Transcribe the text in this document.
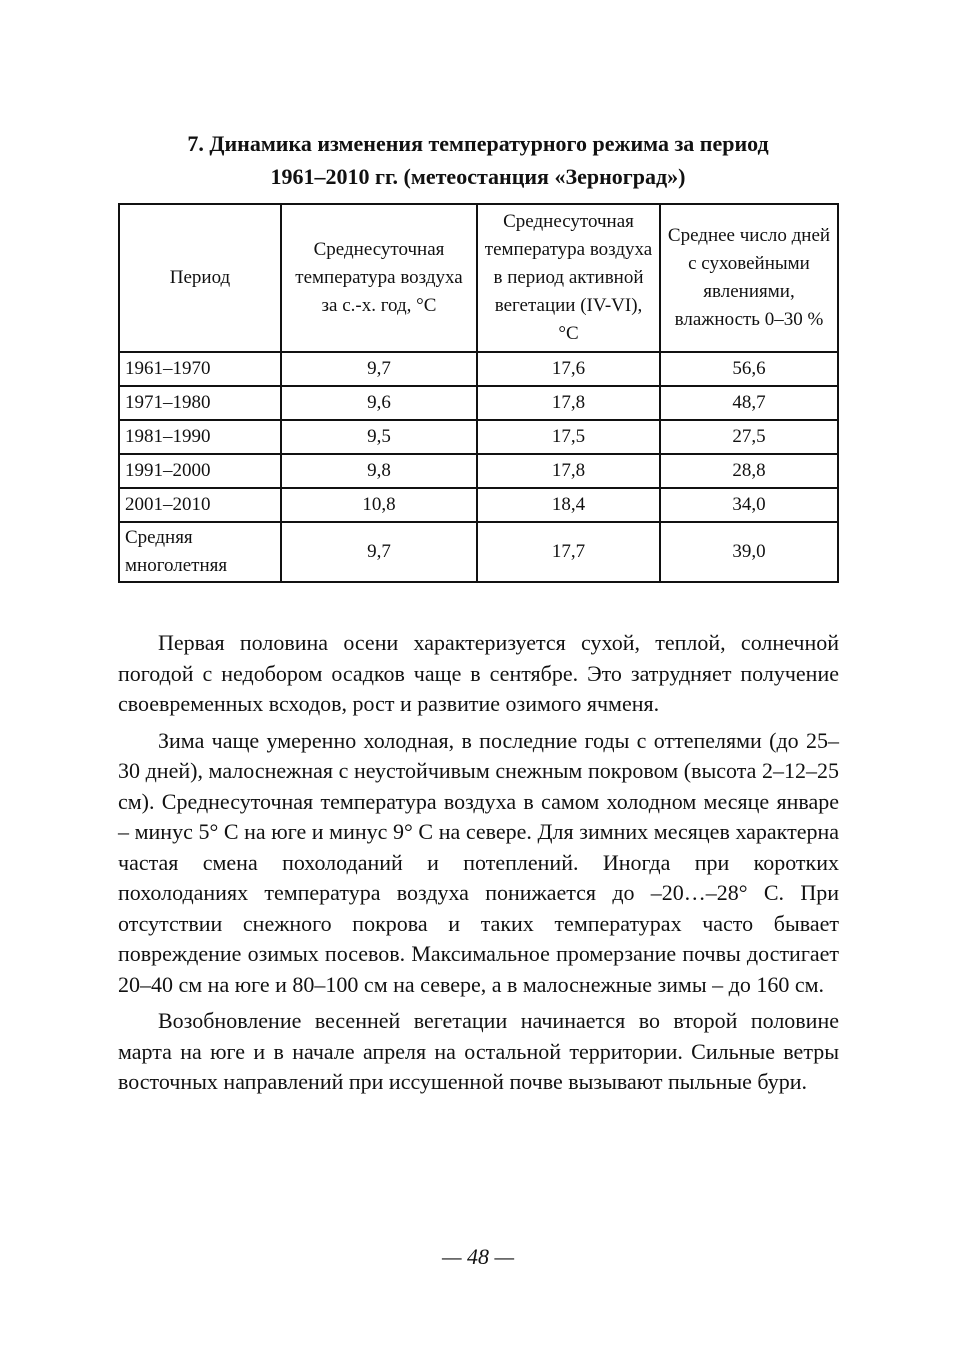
7. Динамика изменения температурного режима за период
1961–2010 гг. (метеостанция «Зерноград»)
Период	Среднесуточная температура воздуха за с.-х. год, °С	Среднесуточная температура воздуха в период активной вегетации (IV-VI), °С	Среднее число дней с суховейными явлениями, влажность 0–30 %
1961–1970	9,7	17,6	56,6
1971–1980	9,6	17,8	48,7
1981–1990	9,5	17,5	27,5
1991–2000	9,8	17,8	28,8
2001–2010	10,8	18,4	34,0
Средняя многолетняя	9,7	17,7	39,0

Первая половина осени характеризуется сухой, теплой, солнечной погодой с недобором осадков чаще в сентябре. Это затрудняет получение своевременных всходов, рост и развитие озимого ячменя.

Зима чаще умеренно холодная, в последние годы с оттепелями (до 25–30 дней), малоснежная с неустойчивым снежным покровом (высота 2–12–25 см). Среднесуточная температура воздуха в самом холодном месяце январе – минус 5° С на юге и минус 9° С на севере. Для зимних месяцев характерна частая смена похолоданий и потеплений. Иногда при коротких похолоданиях температура воздуха понижается до –20…–28° С. При отсутствии снежного покрова и таких температурах часто бывает повреждение озимых посевов. Максимальное промерзание почвы достигает 20–40 см на юге и 80–100 см на севере, а в малоснежные зимы – до 160 см.

Возобновление весенней вегетации начинается во второй половине марта на юге и в начале апреля на остальной территории. Сильные ветры восточных направлений при иссушенной почве вызывают пыльные бури.

— 48 —
